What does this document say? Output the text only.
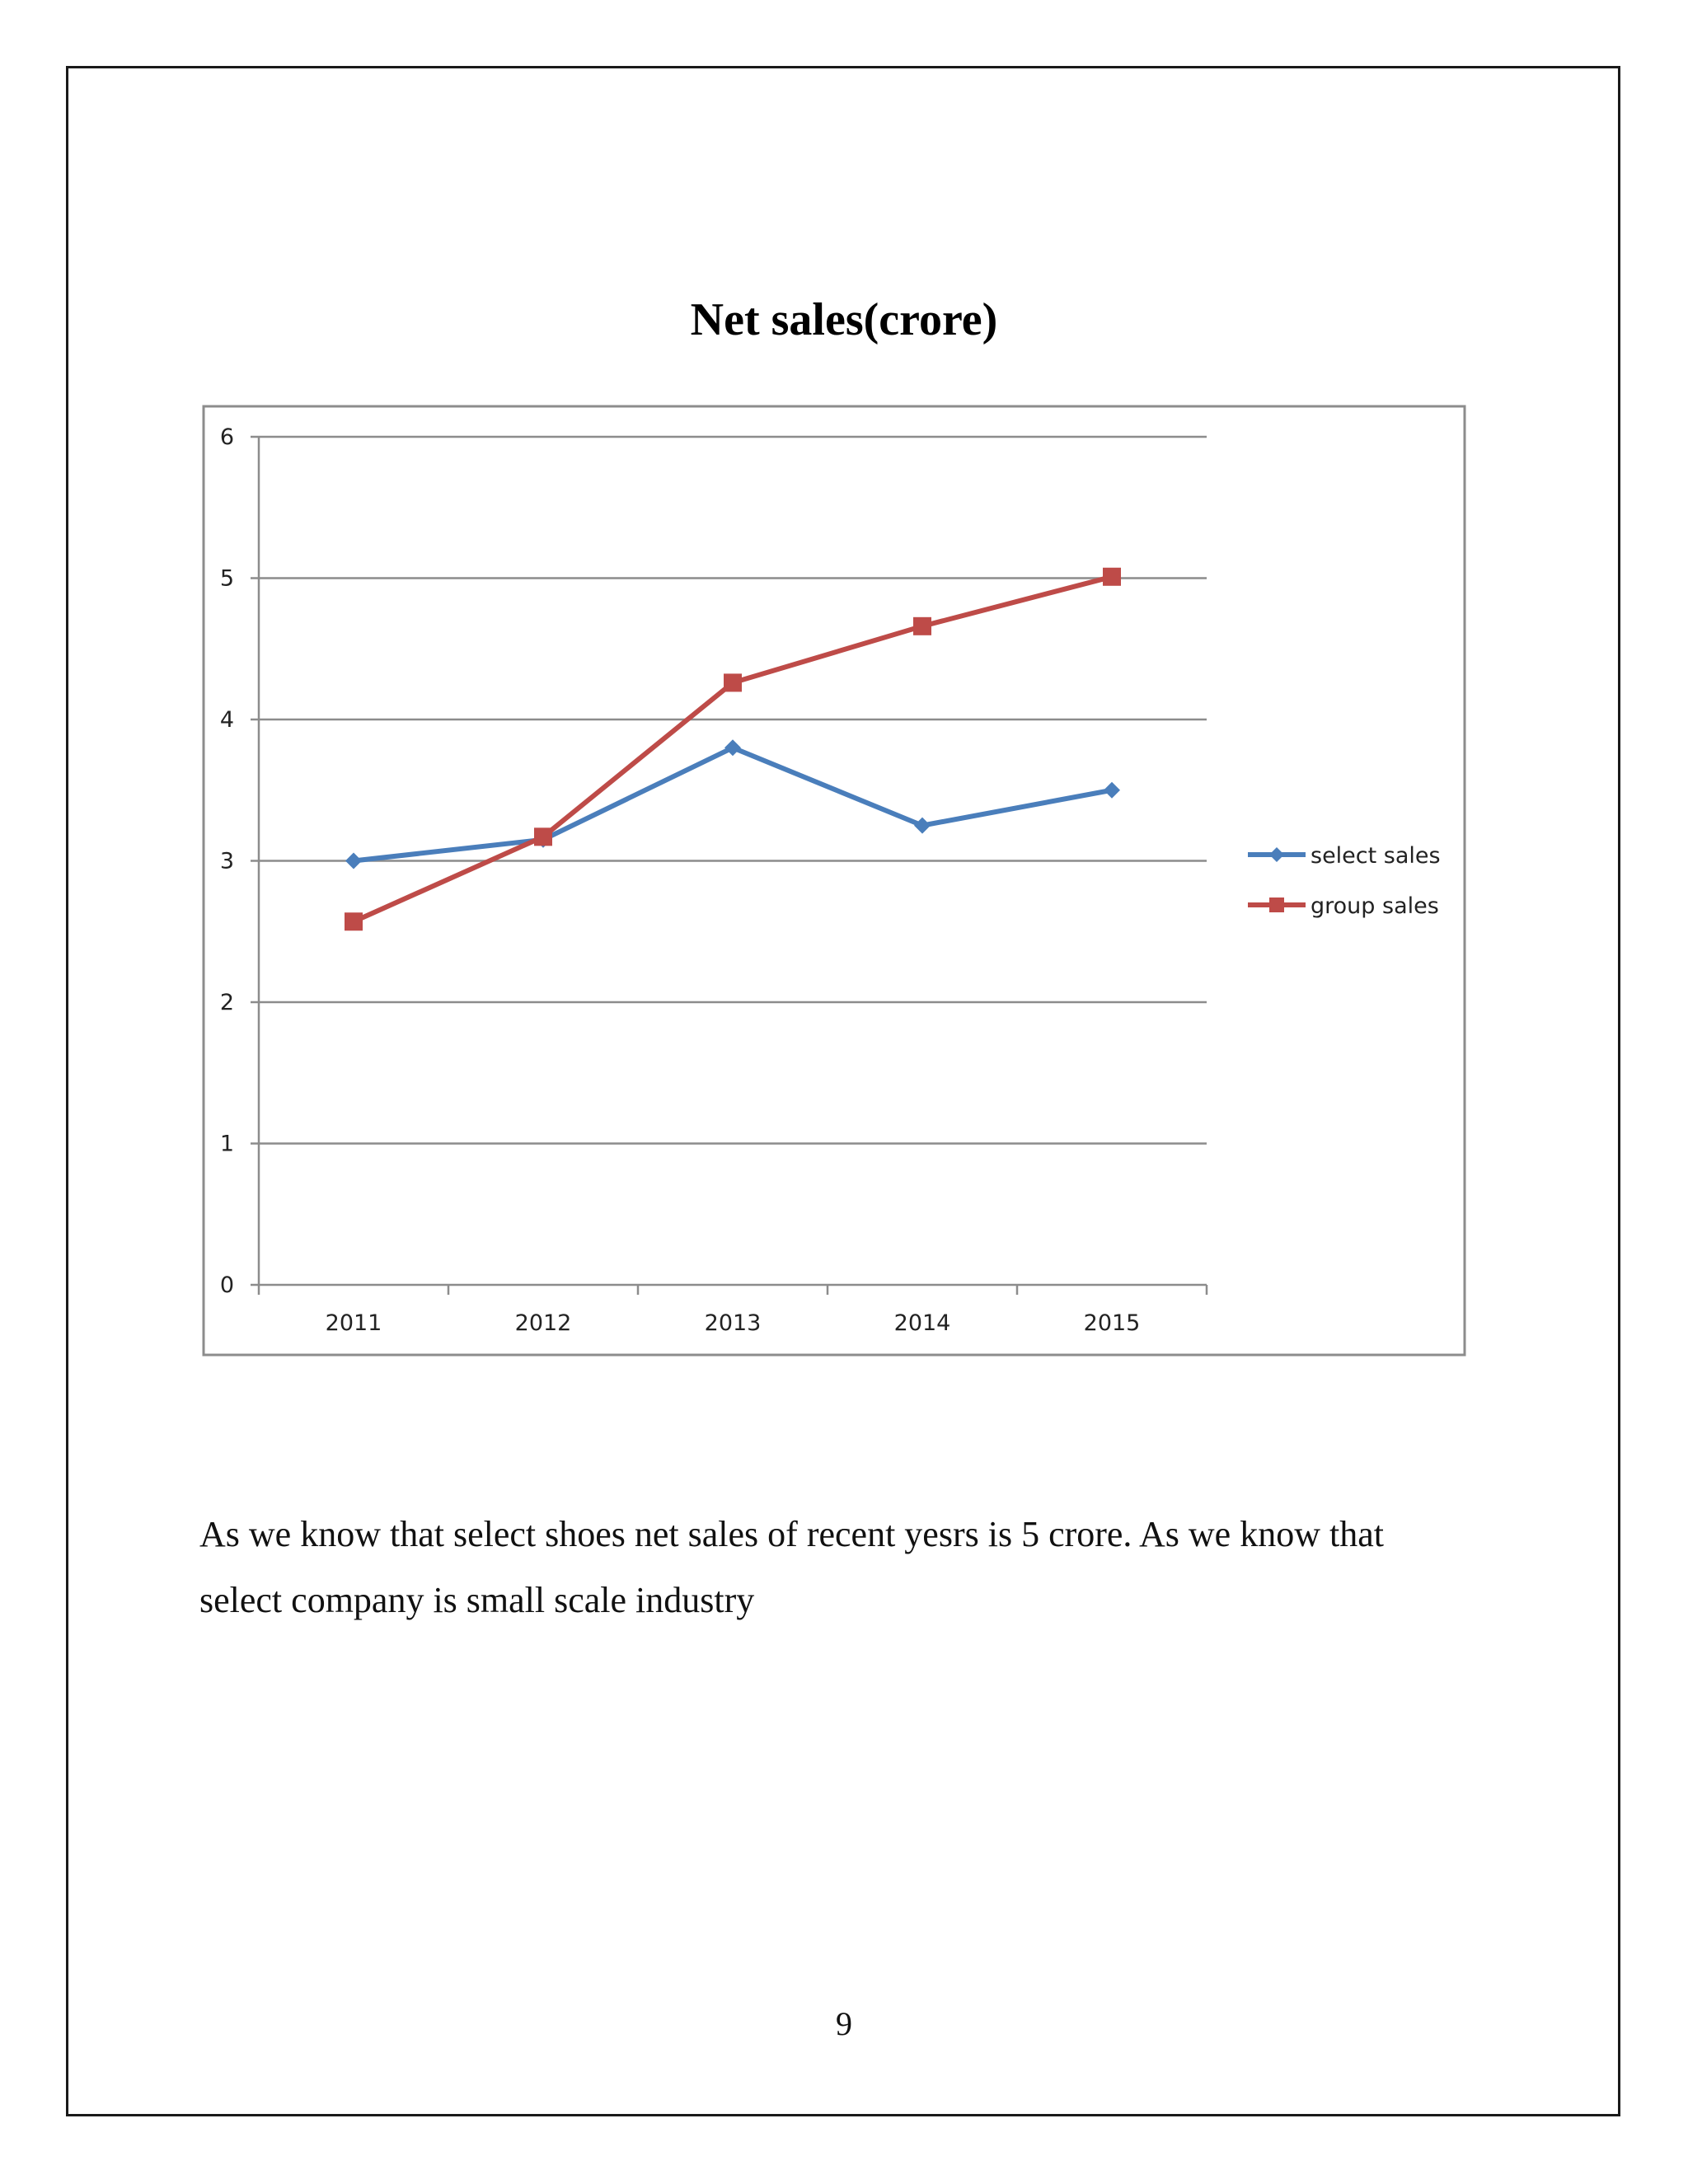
Net sales(crore)
0
1
2
3
4
5
6
2011	2012	2013	2014	2015
select sales
group sales

As we know that select shoes net sales of recent yesrs is 5 crore. As we know that select company is small scale industry

9
